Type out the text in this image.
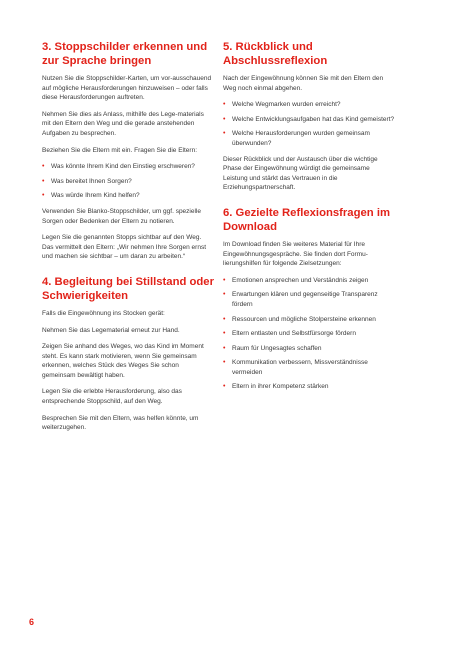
3. Stoppschilder erkennen und zur Sprache bringen

Nutzen Sie die Stoppschilder-Karten, um vor-ausschauend auf mögliche Herausforderungen hinzuweisen – oder falls diese Herausforderungen auftreten.

Nehmen Sie dies als Anlass, mithilfe des Lege-materials mit den Eltern den Weg und die gerade anstehenden Aufgaben zu besprechen.

Beziehen Sie die Eltern mit ein. Fragen Sie die Eltern:

• Was könnte Ihrem Kind den Einstieg erschweren?
• Was bereitet Ihnen Sorgen?
• Was würde Ihrem Kind helfen?

Verwenden Sie Blanko-Stoppschilder, um ggf. spezielle Sorgen oder Bedenken der Eltern zu notieren.

Legen Sie die genannten Stopps sichtbar auf den Weg. Das vermittelt den Eltern: „Wir nehmen Ihre Sorgen ernst und machen sie sichtbar – um daran zu arbeiten.“

4. Begleitung bei Stillstand oder Schwierigkeiten

Falls die Eingewöhnung ins Stocken gerät:

Nehmen Sie das Legematerial erneut zur Hand.

Zeigen Sie anhand des Weges, wo das Kind im Moment steht. Es kann stark motivieren, wenn Sie gemeinsam erkennen, welches Stück des Weges Sie schon gemeinsam bewältigt haben.

Legen Sie die erlebte Herausforderung, also das entsprechende Stoppschild, auf den Weg.

Besprechen Sie mit den Eltern, was helfen könnte, um weiterzugehen.

5. Rückblick und Abschlussreflexion

Nach der Eingewöhnung können Sie mit den Eltern den Weg noch einmal abgehen.

• Welche Wegmarken wurden erreicht?
• Welche Entwicklungsaufgaben hat das Kind gemeistert?
• Welche Herausforderungen wurden gemeinsam überwunden?

Dieser Rückblick und der Austausch über die wichtige Phase der Eingewöhnung würdigt die gemeinsame Leistung und stärkt das Vertrauen in die Erziehungspartnerschaft.

6. Gezielte Reflexionsfragen im Download

Im Download finden Sie weiteres Material für Ihre Eingewöhnungsgespräche. Sie finden dort Formu-lierungshilfen für folgende Zielsetzungen:

• Emotionen ansprechen und Verständnis zeigen
• Erwartungen klären und gegenseitige Transparenz fördern
• Ressourcen und mögliche Stolpersteine erkennen
• Eltern entlasten und Selbstfürsorge fördern
• Raum für Ungesagtes schaffen
• Kommunikation verbessern, Missverständnisse vermeiden
• Eltern in ihrer Kompetenz stärken
6
